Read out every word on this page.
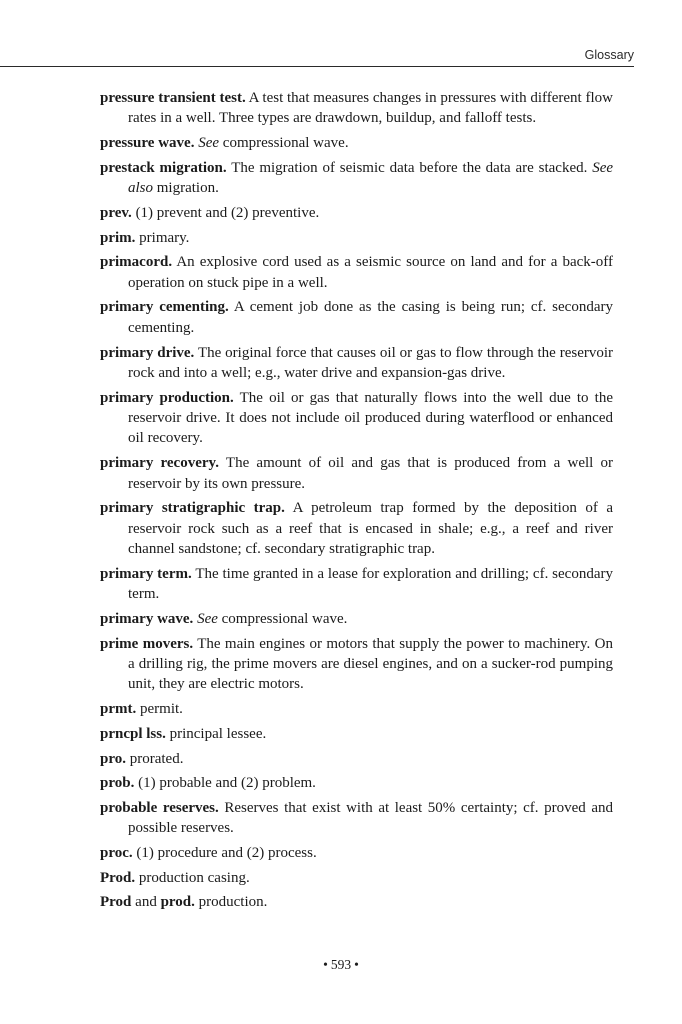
Glossary

pressure transient test. A test that measures changes in pressures with different flow rates in a well. Three types are drawdown, buildup, and falloff tests.

pressure wave. See compressional wave.

prestack migration. The migration of seismic data before the data are stacked. See also migration.

prev. (1) prevent and (2) preventive.

prim. primary.

primacord. An explosive cord used as a seismic source on land and for a back-off operation on stuck pipe in a well.

primary cementing. A cement job done as the casing is being run; cf. secondary cementing.

primary drive. The original force that causes oil or gas to flow through the reservoir rock and into a well; e.g., water drive and expansion-gas drive.

primary production. The oil or gas that naturally flows into the well due to the reservoir drive. It does not include oil produced during waterflood or enhanced oil recovery.

primary recovery. The amount of oil and gas that is produced from a well or reservoir by its own pressure.

primary stratigraphic trap. A petroleum trap formed by the deposition of a reservoir rock such as a reef that is encased in shale; e.g., a reef and river channel sandstone; cf. secondary stratigraphic trap.

primary term. The time granted in a lease for exploration and drilling; cf. secondary term.

primary wave. See compressional wave.

prime movers. The main engines or motors that supply the power to machinery. On a drilling rig, the prime movers are diesel engines, and on a sucker-rod pumping unit, they are electric motors.

prmt. permit.

prncpl lss. principal lessee.

pro. prorated.

prob. (1) probable and (2) problem.

probable reserves. Reserves that exist with at least 50% certainty; cf. proved and possible reserves.

proc. (1) procedure and (2) process.

Prod. production casing.

Prod and prod. production.

• 593 •
